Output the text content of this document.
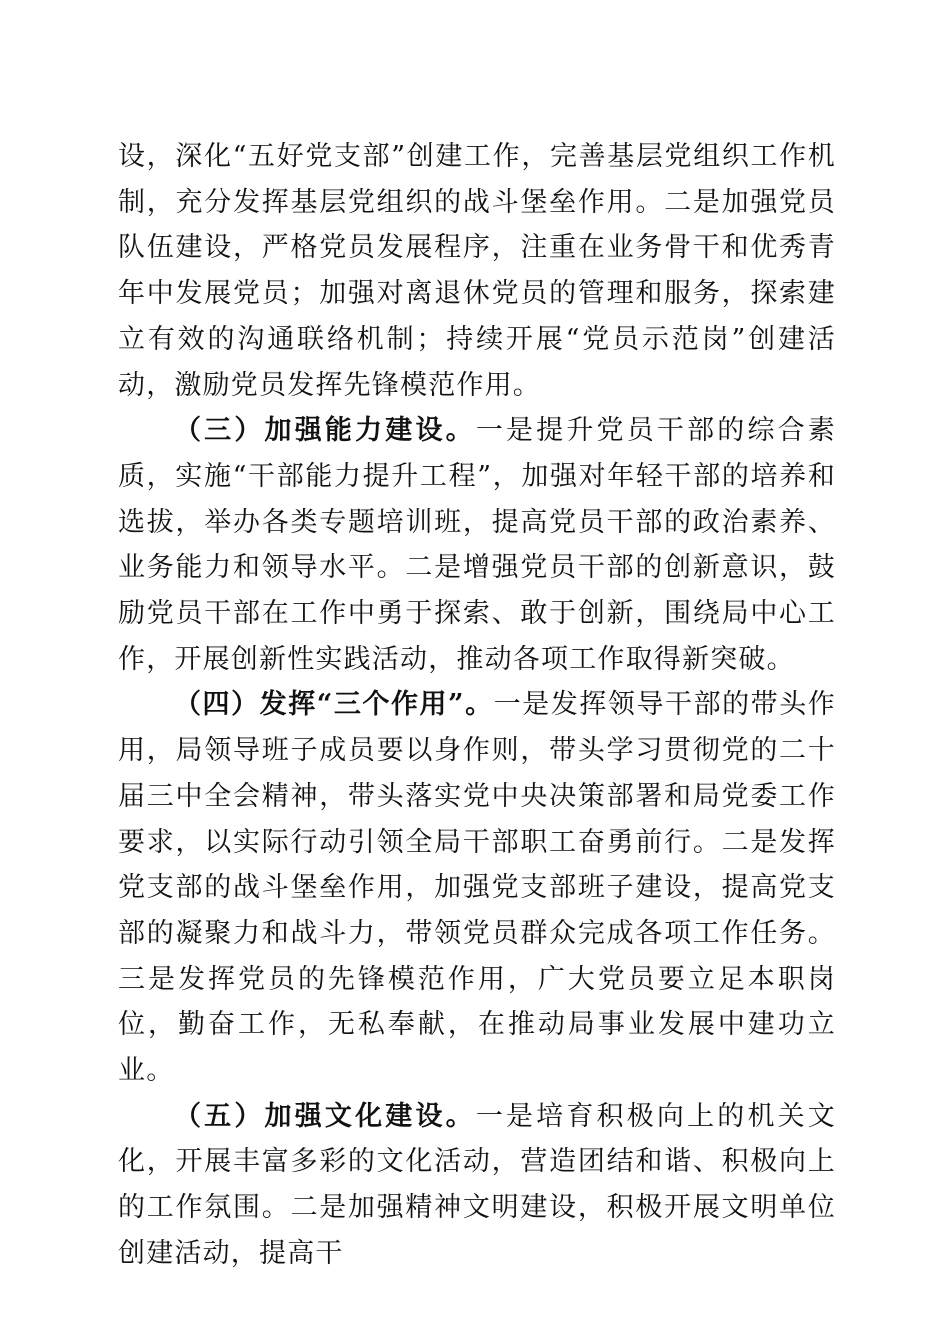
设，深化“五好党支部”创建工作，完善基层党组织工作机制，充分发挥基层党组织的战斗堡垒作用。二是加强党员队伍建设，严格党员发展程序，注重在业务骨干和优秀青年中发展党员；加强对离退休党员的管理和服务，探索建立有效的沟通联络机制；持续开展“党员示范岗”创建活动，激励党员发挥先锋模范作用。

（三）加强能力建设。一是提升党员干部的综合素质，实施“干部能力提升工程”，加强对年轻干部的培养和选拔，举办各类专题培训班，提高党员干部的政治素养、业务能力和领导水平。二是增强党员干部的创新意识，鼓励党员干部在工作中勇于探索、敢于创新，围绕局中心工作，开展创新性实践活动，推动各项工作取得新突破。

（四）发挥“三个作用”。一是发挥领导干部的带头作用，局领导班子成员要以身作则，带头学习贯彻党的二十届三中全会精神，带头落实党中央决策部署和局党委工作要求，以实际行动引领全局干部职工奋勇前行。二是发挥党支部的战斗堡垒作用，加强党支部班子建设，提高党支部的凝聚力和战斗力，带领党员群众完成各项工作任务。三是发挥党员的先锋模范作用，广大党员要立足本职岗位，勤奋工作，无私奉献，在推动局事业发展中建功立业。

（五）加强文化建设。一是培育积极向上的机关文化，开展丰富多彩的文化活动，营造团结和谐、积极向上的工作氛围。二是加强精神文明建设，积极开展文明单位创建活动，提高干
